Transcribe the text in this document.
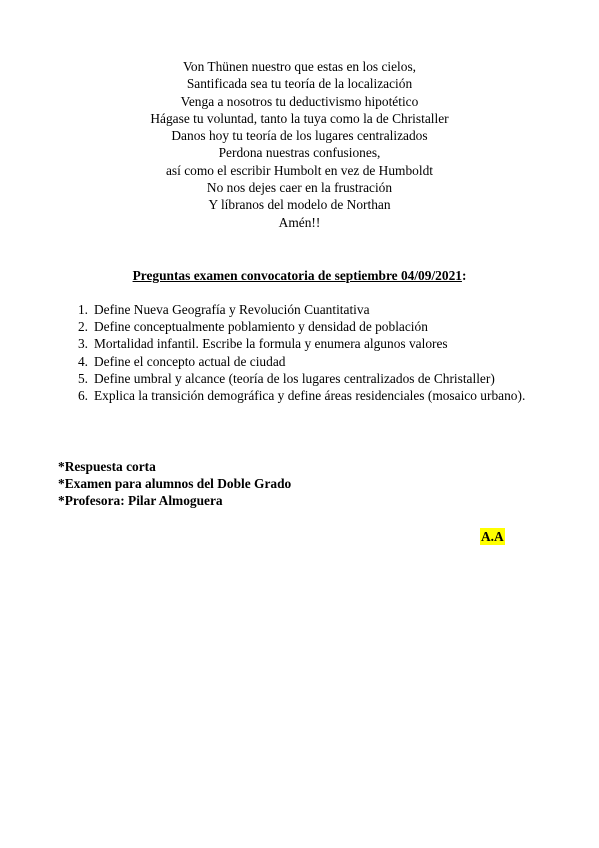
Von Thünen nuestro que estas en los cielos,
Santificada sea tu teoría de la localización
Venga a nosotros tu deductivismo hipotético
Hágase tu voluntad, tanto la tuya como la de Christaller
Danos hoy tu teoría de los lugares centralizados
Perdona nuestras confusiones,
así como el escribir Humbolt en vez de Humboldt
No nos dejes caer en la frustración
Y líbranos del modelo de Northan
Amén!!
Preguntas examen convocatoria de septiembre 04/09/2021:
1. Define Nueva Geografía y Revolución Cuantitativa
2. Define conceptualmente poblamiento y densidad de población
3. Mortalidad infantil. Escribe la formula y enumera algunos valores
4. Define el concepto actual de ciudad
5. Define umbral y alcance (teoría de los lugares centralizados de Christaller)
6. Explica la transición demográfica y define áreas residenciales (mosaico urbano).
*Respuesta corta
*Examen para alumnos del Doble Grado
*Profesora: Pilar Almoguera
A.A
